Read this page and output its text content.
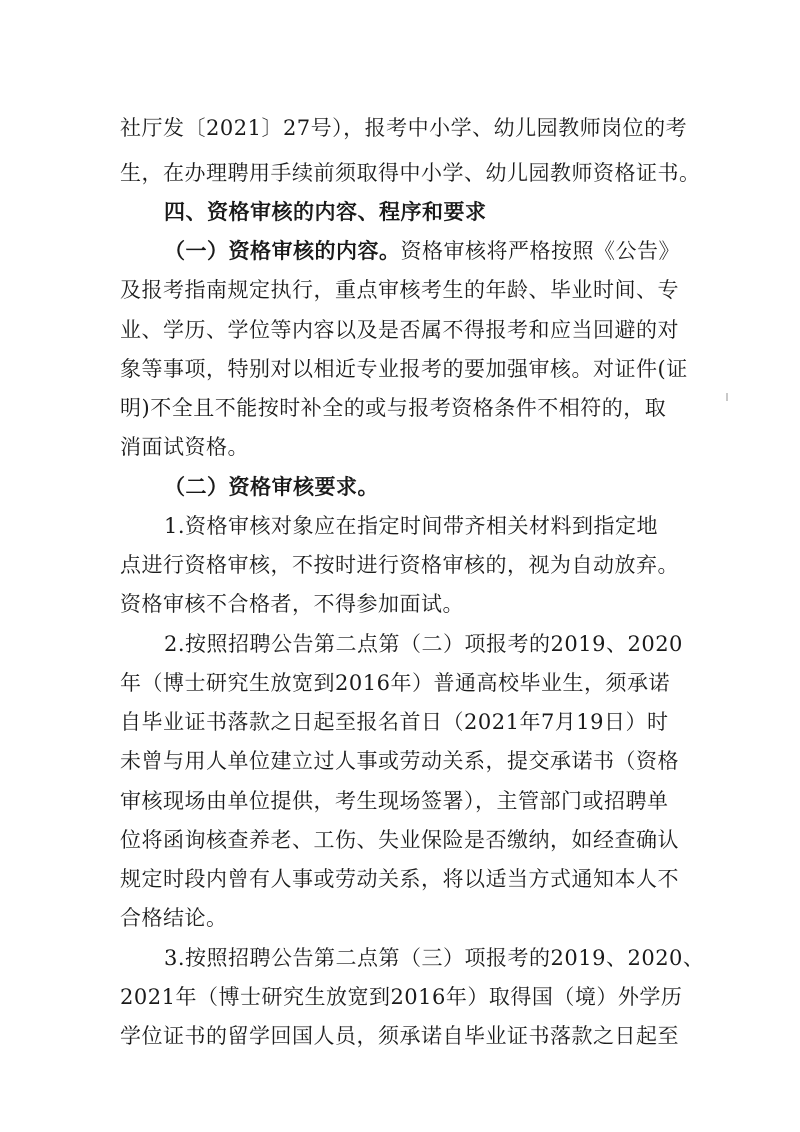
社厅发〔2021〕27号），报考中小学、幼儿园教师岗位的考
生，在办理聘用手续前须取得中小学、幼儿园教师资格证书。
四、资格审核的内容、程序和要求
（一）资格审核的内容。资格审核将严格按照《公告》
及报考指南规定执行，重点审核考生的年龄、毕业时间、专
业、学历、学位等内容以及是否属不得报考和应当回避的对
象等事项，特别对以相近专业报考的要加强审核。对证件(证
明)不全且不能按时补全的或与报考资格条件不相符的，取
消面试资格。
（二）资格审核要求。
1.资格审核对象应在指定时间带齐相关材料到指定地
点进行资格审核，不按时进行资格审核的，视为自动放弃。
资格审核不合格者，不得参加面试。
2.按照招聘公告第二点第（二）项报考的2019、2020
年（博士研究生放宽到2016年）普通高校毕业生，须承诺
自毕业证书落款之日起至报名首日（2021年7月19日）时
未曾与用人单位建立过人事或劳动关系，提交承诺书（资格
审核现场由单位提供，考生现场签署），主管部门或招聘单
位将函询核查养老、工伤、失业保险是否缴纳，如经查确认
规定时段内曾有人事或劳动关系，将以适当方式通知本人不
合格结论。
3.按照招聘公告第二点第（三）项报考的2019、2020、
2021年（博士研究生放宽到2016年）取得国（境）外学历
学位证书的留学回国人员，须承诺自毕业证书落款之日起至
